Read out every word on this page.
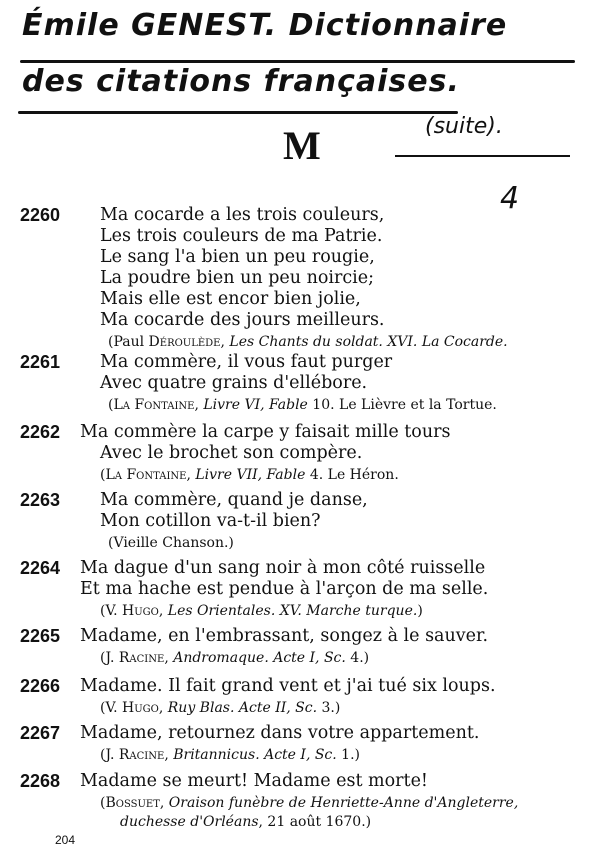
Émile GENEST. Dictionnaire
des citations françaises.
M	(suite).
4
2260 Ma cocarde a les trois couleurs,
Les trois couleurs de ma Patrie.
Le sang l'a bien un peu rougie,
La poudre bien un peu noircie;
Mais elle est encor bien jolie,
Ma cocarde des jours meilleurs.
(Paul Déroulède, Les Chants du soldat. XVI. La Cocarde.
2261 Ma commère, il vous faut purger
Avec quatre grains d'ellébore.
(La Fontaine, Livre VI, Fable 10. Le Lièvre et la Tortue.
2262 Ma commère la carpe y faisait mille tours
Avec le brochet son compère.
(La Fontaine, Livre VII, Fable 4. Le Héron.
2263 Ma commère, quand je danse,
Mon cotillon va-t-il bien?
(Vieille Chanson.)
2264 Ma dague d'un sang noir à mon côté ruisselle
Et ma hache est pendue à l'arçon de ma selle.
(V. Hugo, Les Orientales. XV. Marche turque.)
2265 Madame, en l'embrassant, songez à le sauver.
(J. Racine, Andromaque. Acte I, Sc. 4.)
2266 Madame. Il fait grand vent et j'ai tué six loups.
(V. Hugo, Ruy Blas. Acte II, Sc. 3.)
2267 Madame, retournez dans votre appartement.
(J. Racine, Britannicus. Acte I, Sc. 1.)
2268 Madame se meurt! Madame est morte!
(Bossuet, Oraison funèbre de Henriette-Anne d'Angleterre,
duchesse d'Orléans, 21 août 1670.)
204
